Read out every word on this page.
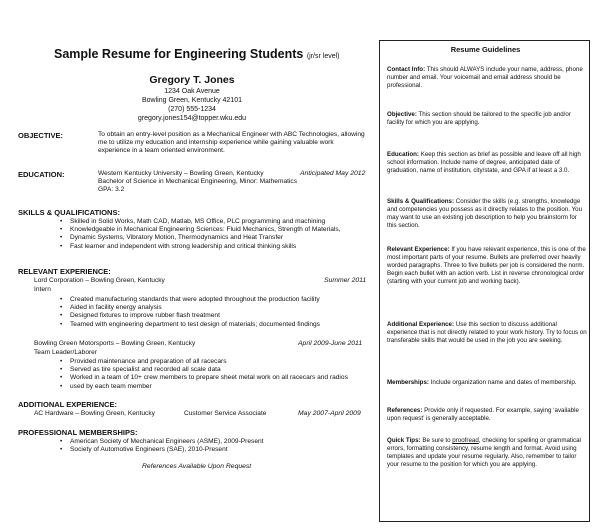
Sample Resume for Engineering Students (jr/sr level)
Gregory T. Jones
1234 Oak Avenue
Bowling Green, Kentucky 42101
(270) 555-1234
gregory.jones154@topper.wku.edu
OBJECTIVE:	To obtain an entry-level position as a Mechanical Engineer with ABC Technologies, allowing
me to utilize my education and internship experience while gaining valuable work
experience in a team oriented environment.
EDUCATION:	Western Kentucky University – Bowling Green, Kentucky	Anticipated May 2012
Bachelor of Science in Mechanical Engineering, Minor: Mathematics
GPA: 3.2
SKILLS & QUALIFICATIONS:
• Skilled in Solid Works, Math CAD, Matlab, MS Office, PLC programming and machining
• Knowledgeable in Mechanical Engineering Sciences: Fluid Mechanics, Strength of Materials,
• Dynamic Systems, Vibratory Motion, Thermodynamics and Heat Transfer
• Fast learner and independent with strong leadership and critical thinking skills
RELEVANT EXPERIENCE:
Lord Corporation – Bowling Green, Kentucky	Summer 2011
Intern
• Created manufacturing standards that were adopted throughout the production facility
• Aided in facility energy analysis
• Designed fixtures to improve rubber flash treatment
• Teamed with engineering department to test design of materials; documented findings
Bowling Green Motorsports – Bowling Green, Kentucky	April 2009-June 2011
Team Leader/Laborer
• Provided maintenance and preparation of all racecars
• Served as tire specialist and recorded all scale data
• Worked in a team of 10+ crew members to prepare sheet metal work on all racecars and radios
• used by each team member
ADDITIONAL EXPERIENCE:
AC Hardware – Bowling Green, Kentucky	Customer Service Associate	May 2007-April 2009
PROFESSIONAL MEMBERSHIPS:
• American Society of Mechanical Engineers (ASME), 2009-Present
• Society of Automotive Engineers (SAE), 2010-Present
References Available Upon Request
Resume Guidelines
Contact Info: This should ALWAYS include your name, address, phone number and email. Your voicemail and email address should be professional.
Objective: This section should be tailored to the specific job and/or facility for which you are applying.
Education: Keep this section as brief as possible and leave off all high school information. Include name of degree, anticipated date of graduation, name of institution, city/state, and GPA if at least a 3.0.
Skills & Qualifications: Consider the skills (e.g. strengths, knowledge and competencies you possess as it directly relates to the position. You may want to use an existing job description to help you brainstorm for this section.
Relevant Experience: If you have relevant experience, this is one of the most important parts of your resume. Bullets are preferred over heavily worded paragraphs. Three to five bullets per job is considered the norm. Begin each bullet with an action verb. List in reverse chronological order (starting with your current job and working back).
Additional Experience: Use this section to discuss additional experience that is not directly related to your work history. Try to focus on transferable skills that would be used in the job you are seeking.
Memberships: Include organization name and dates of membership.
References: Provide only if requested. For example, saying ‘available upon request’ is generally acceptable.
Quick Tips: Be sure to proofread, checking for spelling or grammatical errors, formatting consistency, resume length and format. Avoid using templates and update your resume regularly. Also, remember to tailor your resume to the position for which you are applying.
